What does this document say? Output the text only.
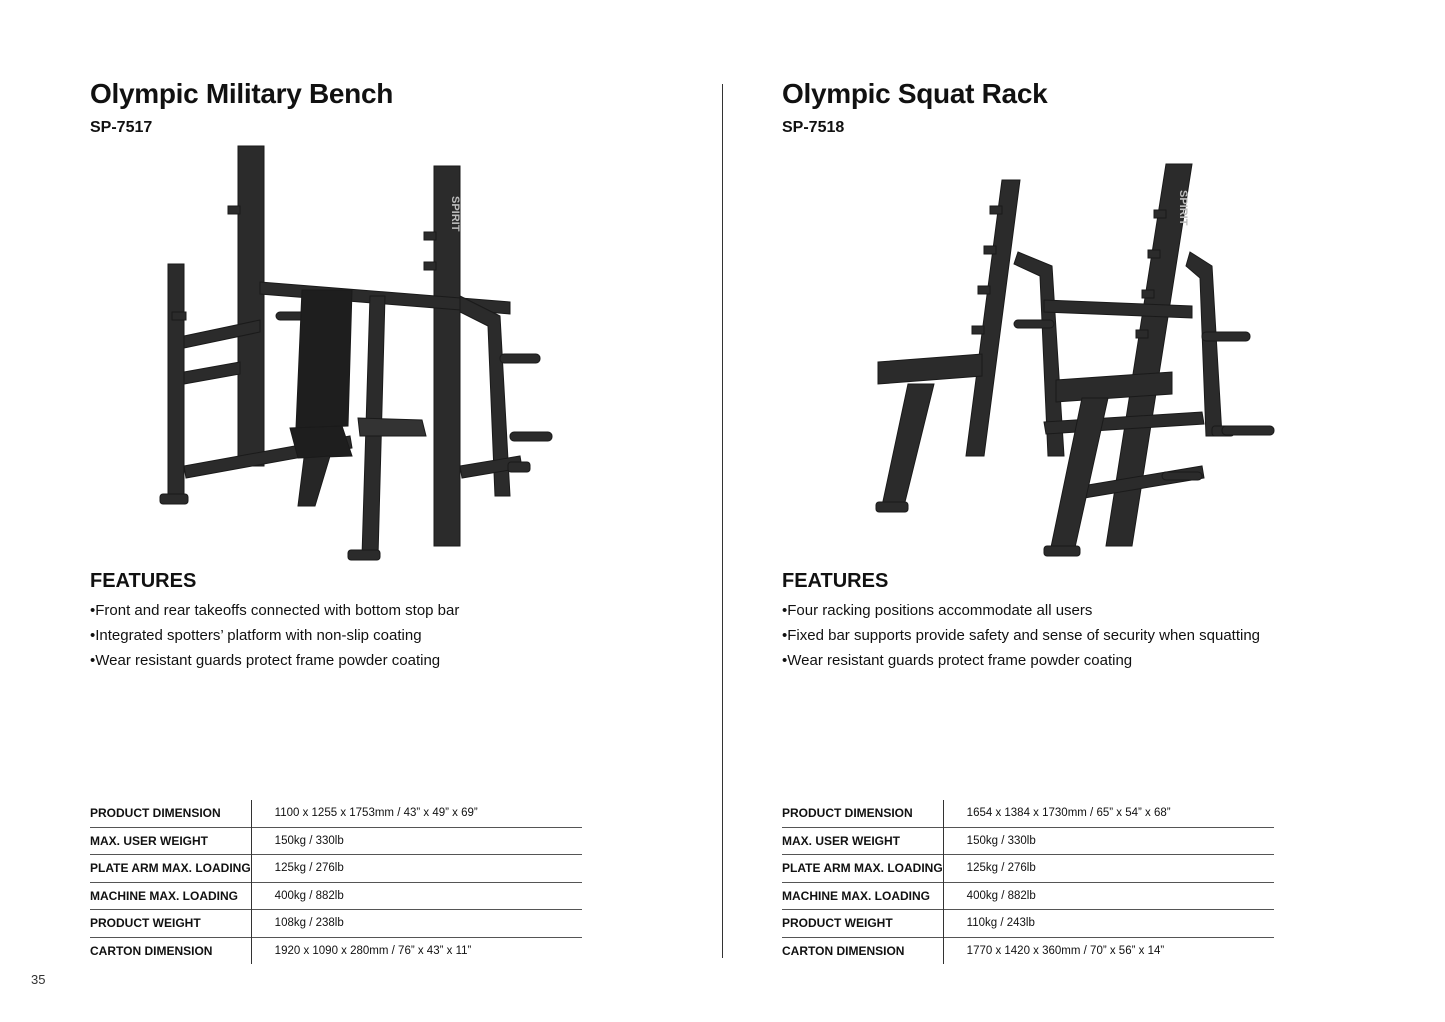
Olympic Military Bench
SP-7517
SPIRIT
FEATURES
•Front and rear takeoffs connected with bottom stop bar
•Integrated spotters’ platform with non-slip coating
•Wear resistant guards protect frame powder coating
PRODUCT DIMENSION	1100 x 1255 x 1753mm / 43” x 49” x 69”
MAX. USER WEIGHT	150kg / 330lb
PLATE ARM MAX. LOADING	125kg / 276lb
MACHINE MAX. LOADING	400kg / 882lb
PRODUCT WEIGHT	108kg / 238lb
CARTON DIMENSION	1920 x 1090 x 280mm / 76” x 43” x 11”
Olympic Squat Rack
SP-7518
SPIRIT
FEATURES
•Four racking positions accommodate all users
•Fixed bar supports provide safety and sense of security when squatting
•Wear resistant guards protect frame powder coating
PRODUCT DIMENSION	1654 x 1384 x 1730mm / 65” x 54” x 68”
MAX. USER WEIGHT	150kg / 330lb
PLATE ARM MAX. LOADING	125kg / 276lb
MACHINE MAX. LOADING	400kg / 882lb
PRODUCT WEIGHT	110kg / 243lb
CARTON DIMENSION	1770 x 1420 x 360mm / 70” x 56” x 14”
35
